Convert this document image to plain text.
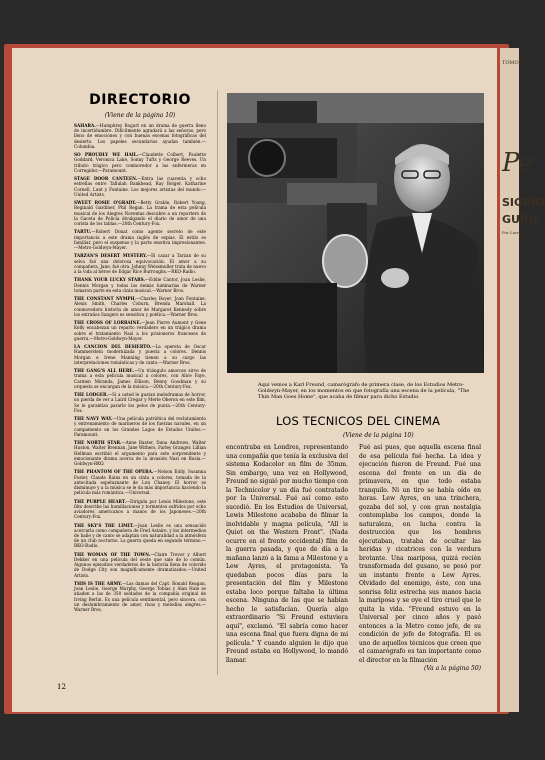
TOMO XVII
Pe
SIGRID
GURIE
Por Lorraine Haw
DIRECTORIO
(Viene de la página 10)

SAHARA.—Humphrey Bogart en un drama de guerra lleno de incertidumbre. Difícilmente agradará a las señoras, pero lleno de emociones y con buenas escenas fotográficas del desierto. Los papeles secundarios ayudan también.—Columbia.

SO PROUDLY WE HAIL.—Claudette Colbert, Paulette Goddard, Veronica Lake, Sonny Tufts y George Reeves. Un tributo trágico pero conmovedor a las enfermeras en Corregidor.—Paramount.

STAGE DOOR CANTEEN.—Entra las cuarenta y ocho estrellas entre Tallulah Bankhead, Ray Bolger, Katharine Cornell, Lunt y Fontaine. Los mejores artistas del mundo.—United Artists.

SWEET ROSIE O'GRADY.—Betty Grable, Robert Young, Reginald Gardiner, Phil Regan. La trama de esta película musical de los Alegres Noventas descubre a un reportero de la Gaceta de Policía divulgando el diario de amor de una corista de los tablas.—20th Century-Fox.

TARTU.—Robert Donat como agente secreto de este importancia a este drama inglés de espías. El estilo es familiar, pero el suspenso y la parte emotiva impresionantes.—Metro-Goldwyn-Mayer.

TARZAN'S DESERT MYSTERY.—El cazar a Tarzan de su selva fué una dolorosa equivocación. El amor a su compañera, Jane, fué otra. Johnny Weissmuller trata de nuevo a la vida al héroe de Edgar Rice Burroughs.—RKO-Radio.

THANK YOUR LUCKY STARS.—Eddie Cantor, Joan Leslie, Dennis Morgan y todas las demás luminarias de Warner tomaron parte en esta cinta musical.—Warner Bros.

THE CONSTANT NYMPH.—Charles Boyer, Joan Fontaine, Alexis Smith, Charles Coburn, Brenda Marshall. La conmovedora historia de amor de Margaret Kennedy sobre los extraños Sangers es sensitiva y poética.—Warner Bros.

THE CROSS OF LORRAINE.—Jean Pierre Aumont y Gene Kelly encabezan un reparto verdadero en un trágico drama sobre el tratamiento Nazi a los prisioneros franceses de guerra.—Metro-Goldwyn-Mayer.

LA CANCION DEL DESIERTO.—La opereta de Oscar Hammerstein modernizada y puesta a colores. Dennis Morgan e Irene Manning tienen a su cargo las interpretaciones románticas y de canto.—Warner Bros.

THE GANG'S ALL HERE.—Un triángulo amoroso sirve de trama a esta película musical a colores, con Alice Faye, Carmen Miranda, James Ellison, Benny Goodman y su orquesta se encargan de la música.—20th Century-Fox.

THE LODGER.—Si a usted le gustan melodramas de horror, no pierda de ver a Laird Cregar y Merle Oberon en este film. Se le garantiza pararle los pelos de punta.—20th Century-Fox.

THE NAVY WAY.—Una película patriótica del reclutamiento y entrenamiento de marineros de los fuerzas navales, en un campamento en los Grandes Lagos de Estados Unidos.—Paramount.

THE NORTH STAR.—Anne Baxter, Dana Andrews, Walter Huston, Walter Brennan, Jane Withers, Farley Granger. Lillian Hellman escribió el argumento para este sorprendente y emocionante drama acerca de la invasión Nazi en Rusia.—Goldwyn-RKO.

THE PHANTOM OF THE OPERA.—Nelson Eddy, Susanna Foster, Claude Rains en un cinta a colores, tomada de la antecitada espeluznante de Lon Chaney. El horror se disminuye y a la música se le da más importancia haciendo la película más romántica.—Universal.

THE PURPLE HEART.—Dirigida por Lewis Milestone, este film describe las humillaciones y tormentos sufridos por ocho aviadores americanos a manos de los Japoneses.—20th Century-Fox.

THE SKY'S THE LIMIT.—Joan Leslie es una sensación acercarla como compañera de Fred Astaire, y los intermedios de baile y de canto se adaptan con naturalidad a la atmósfera de un club nocturno. La guerra queda en segundo término.—RKO-Radio.

THE WOMAN OF THE TOWN.—Claire Trevor y Albert Dekker en una película del oeste que sale de lo común. Algunos episodios verdaderos de la historia llena de colorido de Dodge City son magníficamente dramatizados.—United Artists.

THIS IS THE ARMY.—Las damas del Capt. Ronald Reagan, Joan Leslie, George Murphy, George Tobias y Alan Hale se añaden a las de 350 soldados de la compañía original de Irving Berlin. Es una película sentimental, pero sincera, con un deslumbramiento de amor, risas y melodías alegres.—Warner Bros.

Aquí vemos a Karl Freund, camarógrafo de primera clase, de los Estudios Metro-Goldwyn-Mayer, en los momentos en que fotografía una escena de la película, "The Thin Man Goes Home", que acaba de filmar para dicho Estudio.
LOS TECNICOS DEL CINEMA
(Viene de la página 10)
encontraba en Londres, representando una compañía que tenía la exclusiva del sistema Kodacolor en film de 35mm. Sin embargo, una vez en Hollywood, Freund no siguió por mucho tiempo con la Technicolor y un día fué contratado por la Universal. Fué así como esto sucedió. En los Estudios de Universal, Lewis Milestone acababa de filmar la inolvidable y magna película, "All is Quiet on the Western Front". (Nada ocurre en el frente occidental) film de la guerra pasada, y que de día a la mañana lanzó a la fama a Milestone y a Lew Ayres, el protagonista. Ya quedaban pocos días para la presentación del film y Milestone estaba loco porque faltaba la última escena. Ninguna de las que se habían hecho le satisfacían. Quería algo extraordinario "Si Freund estuviera aquí", exclamó. "El sabría como hacer una escena final que fuera digna de mi película." Y cuando alguien le dijo que Freund estaba en Hollywood, lo mandó llamar.
Fué así pues, que aquella escena final de esa película fué hecha. La idea y ejecución fueron de Freund. Fué una escena del frente en un día de primavera, en que todo estaba tranquilo. Ni un tiro se había oído en horas. Lew Ayres, en una trinchera, gozaba del sol, y con gran nostalgia contemplaba los campos, donde la naturaleza, en lucha contra la destrucción que los hombres ejecutaban, trataba de ocultar las heridas y cicatrices con la verdura brotante. Una mariposa, quizá recién transformada del gusano, se posó por un instante frente a Lew Ayres. Olvidado del enemigo, éste, con una sonrisa feliz estrecha sus manos hacia la mariposa y se oye el tiro cruel que le quita la vida. "Freund estuvo en la Universal por cinco años y pasó entonces a la Metro como jefe, de su condición de jefe de fotografía. El es uno de aquellos técnicos que creen que el camarógrafo es tan importante como el director en la filmación
(Va a la página 50)
12
